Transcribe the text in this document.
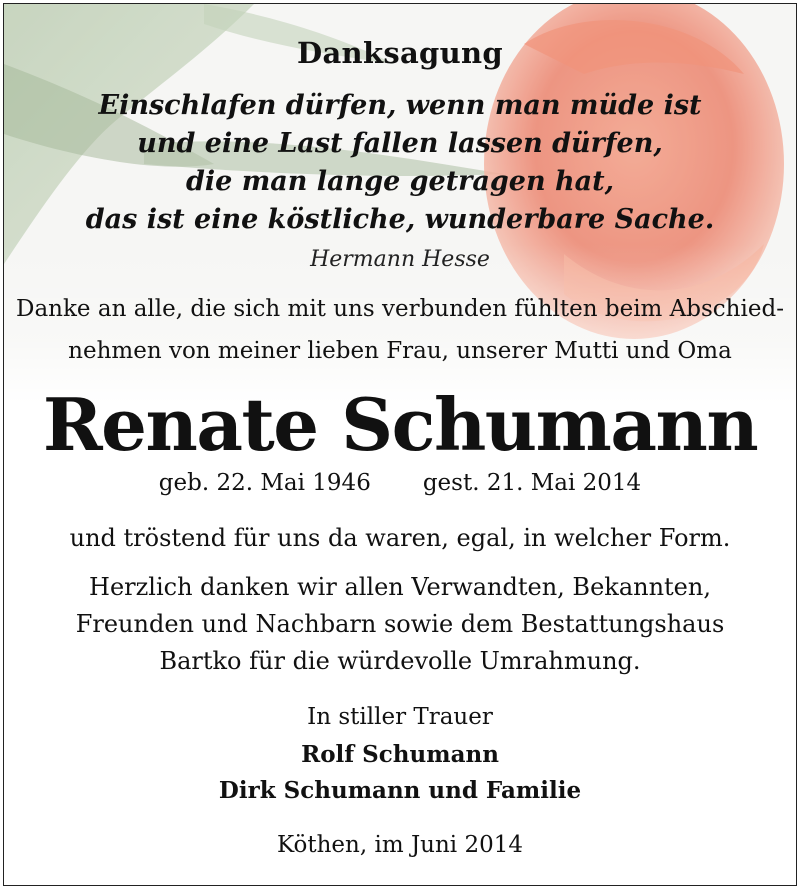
Danksagung
Einschlafen dürfen, wenn man müde ist
und eine Last fallen lassen dürfen,
die man lange getragen hat,
das ist eine köstliche, wunderbare Sache.
Hermann Hesse
Danke an alle, die sich mit uns verbunden fühlten beim Abschied-
nehmen von meiner lieben Frau, unserer Mutti und Oma
Renate Schumann
geb. 22. Mai 1946 gest. 21. Mai 2014
und tröstend für uns da waren, egal, in welcher Form.
Herzlich danken wir allen Verwandten, Bekannten,
Freunden und Nachbarn sowie dem Bestattungshaus
Bartko für die würdevolle Umrahmung.
In stiller Trauer
Rolf Schumann
Dirk Schumann und Familie
Köthen, im Juni 2014
